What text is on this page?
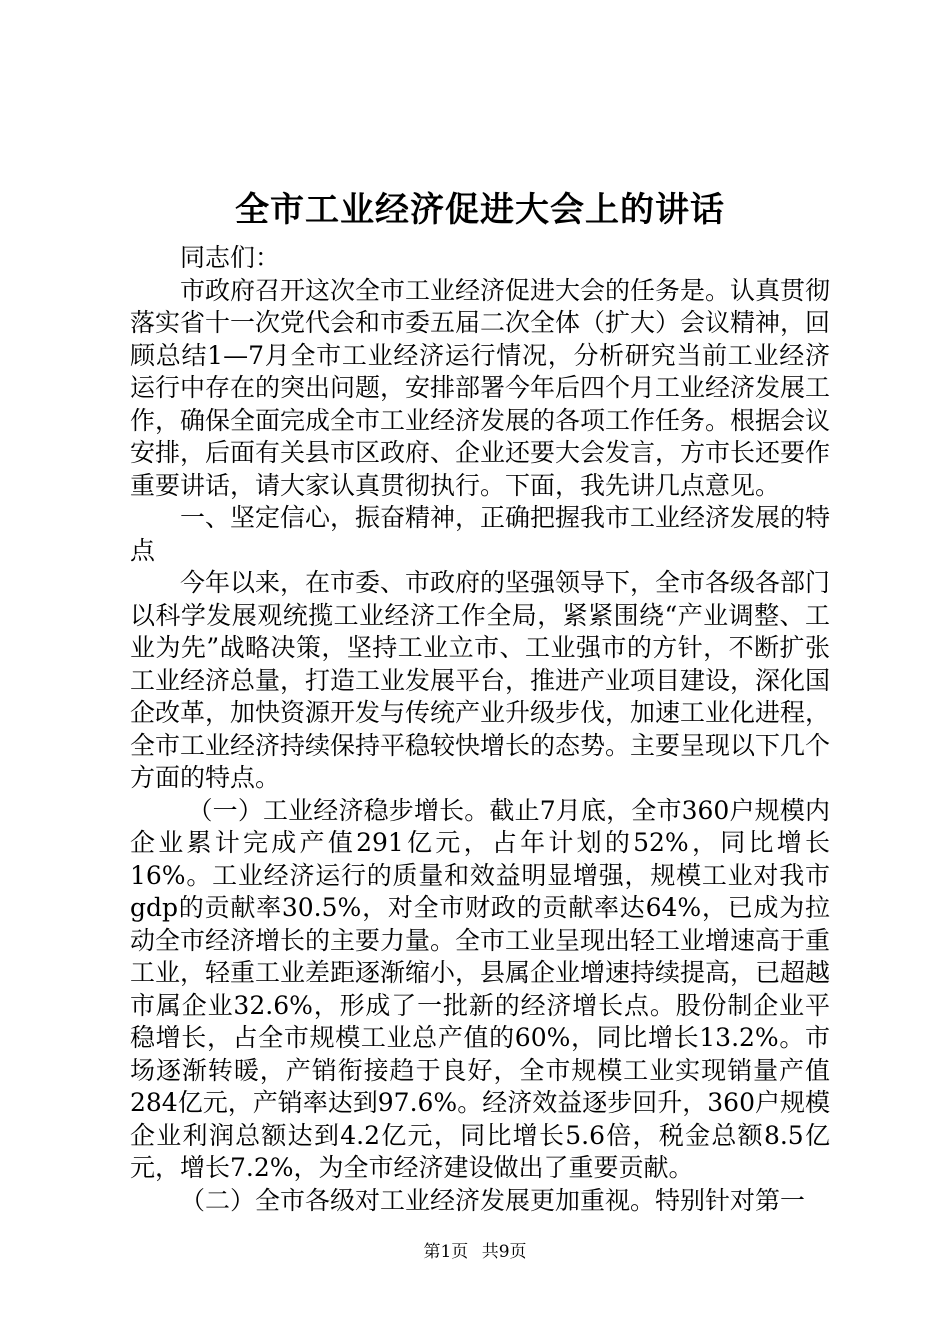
全市工业经济促进大会上的讲话

同志们：

市政府召开这次全市工业经济促进大会的任务是。认真贯彻落实省十一次党代会和市委五届二次全体（扩大）会议精神，回顾总结1—7月全市工业经济运行情况，分析研究当前工业经济运行中存在的突出问题，安排部署今年后四个月工业经济发展工作，确保全面完成全市工业经济发展的各项工作任务。根据会议安排，后面有关县市区政府、企业还要大会发言，方市长还要作重要讲话，请大家认真贯彻执行。下面，我先讲几点意见。

一、坚定信心，振奋精神，正确把握我市工业经济发展的特点

今年以来，在市委、市政府的坚强领导下，全市各级各部门以科学发展观统揽工业经济工作全局，紧紧围绕“产业调整、工业为先”战略决策，坚持工业立市、工业强市的方针，不断扩张工业经济总量，打造工业发展平台，推进产业项目建设，深化国企改革，加快资源开发与传统产业升级步伐，加速工业化进程，全市工业经济持续保持平稳较快增长的态势。主要呈现以下几个方面的特点。

（一）工业经济稳步增长。截止7月底，全市360户规模内企业累计完成产值291亿元，占年计划的52%，同比增长16%。工业经济运行的质量和效益明显增强，规模工业对我市gdp的贡献率30.5%，对全市财政的贡献率达64%，已成为拉动全市经济增长的主要力量。全市工业呈现出轻工业增速高于重工业，轻重工业差距逐渐缩小，县属企业增速持续提高，已超越市属企业32.6%，形成了一批新的经济增长点。股份制企业平稳增长，占全市规模工业总产值的60%，同比增长13.2%。市场逐渐转暖，产销衔接趋于良好，全市规模工业实现销量产值284亿元，产销率达到97.6%。经济效益逐步回升，360户规模企业利润总额达到4.2亿元，同比增长5.6倍，税金总额8.5亿元，增长7.2%，为全市经济建设做出了重要贡献。

（二）全市各级对工业经济发展更加重视。特别针对第一

第1页 共9页
